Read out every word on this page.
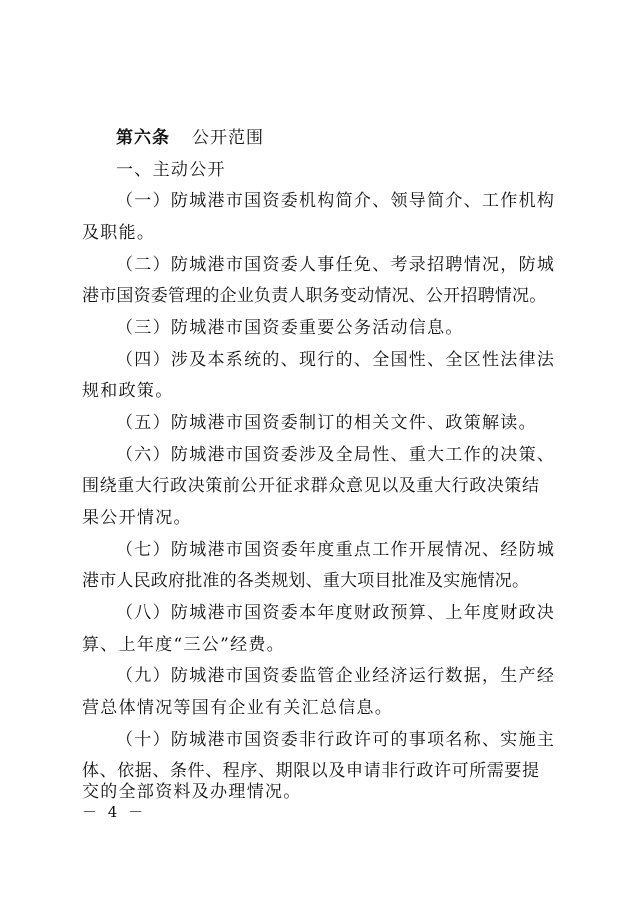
第六条 公开范围
一、主动公开
（一）防城港市国资委机构简介、领导简介、工作机构
及职能。
（二）防城港市国资委人事任免、考录招聘情况，防城
港市国资委管理的企业负责人职务变动情况、公开招聘情况。
（三）防城港市国资委重要公务活动信息。
（四）涉及本系统的、现行的、全国性、全区性法律法
规和政策。
（五）防城港市国资委制订的相关文件、政策解读。
（六）防城港市国资委涉及全局性、重大工作的决策、
围绕重大行政决策前公开征求群众意见以及重大行政决策结
果公开情况。
（七）防城港市国资委年度重点工作开展情况、经防城
港市人民政府批准的各类规划、重大项目批准及实施情况。
（八）防城港市国资委本年度财政预算、上年度财政决
算、上年度“三公”经费。
（九）防城港市国资委监管企业经济运行数据，生产经
营总体情况等国有企业有关汇总信息。
（十）防城港市国资委非行政许可的事项名称、实施主
体、依据、条件、程序、期限以及申请非行政许可所需要提
交的全部资料及办理情况。
－ 4 －
